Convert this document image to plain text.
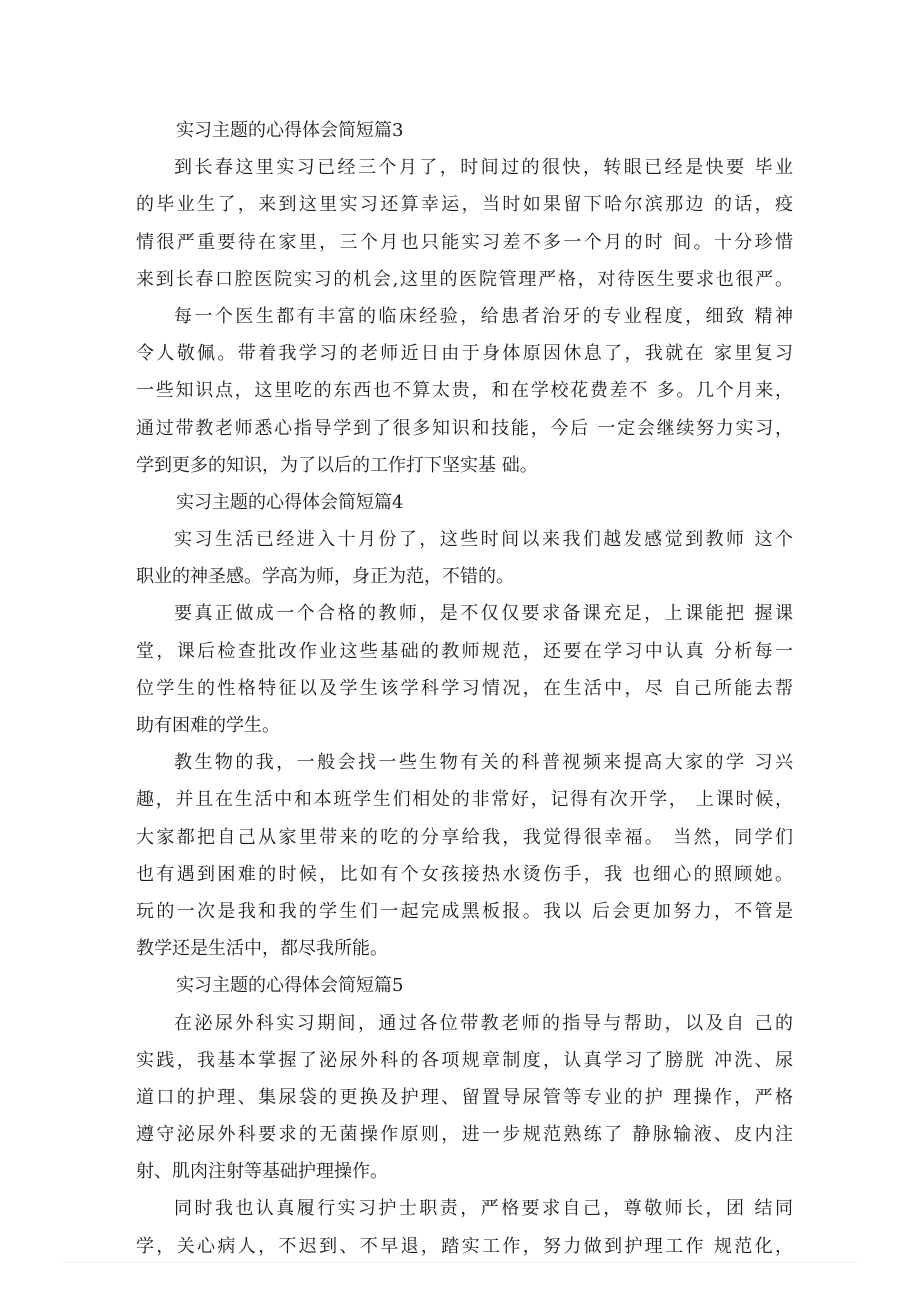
实习主题的心得体会简短篇3
到长春这里实习已经三个月了，时间过的很快，转眼已经是快要 毕业
的毕业生了，来到这里实习还算幸运，当时如果留下哈尔滨那边 的话，疫
情很严重要待在家里，三个月也只能实习差不多一个月的时 间。十分珍惜
来到长春口腔医院实习的机会,这里的医院管理严格，对待医生要求也很严。
每一个医生都有丰富的临床经验，给患者治牙的专业程度，细致 精神
令人敬佩。带着我学习的老师近日由于身体原因休息了，我就在 家里复习
一些知识点，这里吃的东西也不算太贵，和在学校花费差不 多。几个月来，
通过带教老师悉心指导学到了很多知识和技能，今后 一定会继续努力实习，
学到更多的知识，为了以后的工作打下坚实基 础。
实习主题的心得体会简短篇4
实习生活已经进入十月份了，这些时间以来我们越发感觉到教师 这个
职业的神圣感。学高为师，身正为范，不错的。
要真正做成一个合格的教师，是不仅仅要求备课充足，上课能把 握课
堂，课后检查批改作业这些基础的教师规范，还要在学习中认真 分析每一
位学生的性格特征以及学生该学科学习情况，在生活中，尽 自己所能去帮
助有困难的学生。
教生物的我，一般会找一些生物有关的科普视频来提高大家的学 习兴
趣，并且在生活中和本班学生们相处的非常好，记得有次开学， 上课时候，
大家都把自己从家里带来的吃的分享给我，我觉得很幸福。 当然，同学们
也有遇到困难的时候，比如有个女孩接热水烫伤手，我 也细心的照顾她。
玩的一次是我和我的学生们一起完成黑板报。我以 后会更加努力，不管是
教学还是生活中，都尽我所能。
实习主题的心得体会简短篇5
在泌尿外科实习期间，通过各位带教老师的指导与帮助，以及自 己的
实践，我基本掌握了泌尿外科的各项规章制度，认真学习了膀胱 冲洗、尿
道口的护理、集尿袋的更换及护理、留置导尿管等专业的护 理操作，严格
遵守泌尿外科要求的无菌操作原则，进一步规范熟练了 静脉输液、皮内注
射、肌肉注射等基础护理操作。
同时我也认真履行实习护士职责，严格要求自己，尊敬师长，团 结同
学，关心病人，不迟到、不早退，踏实工作，努力做到护理工作 规范化，
